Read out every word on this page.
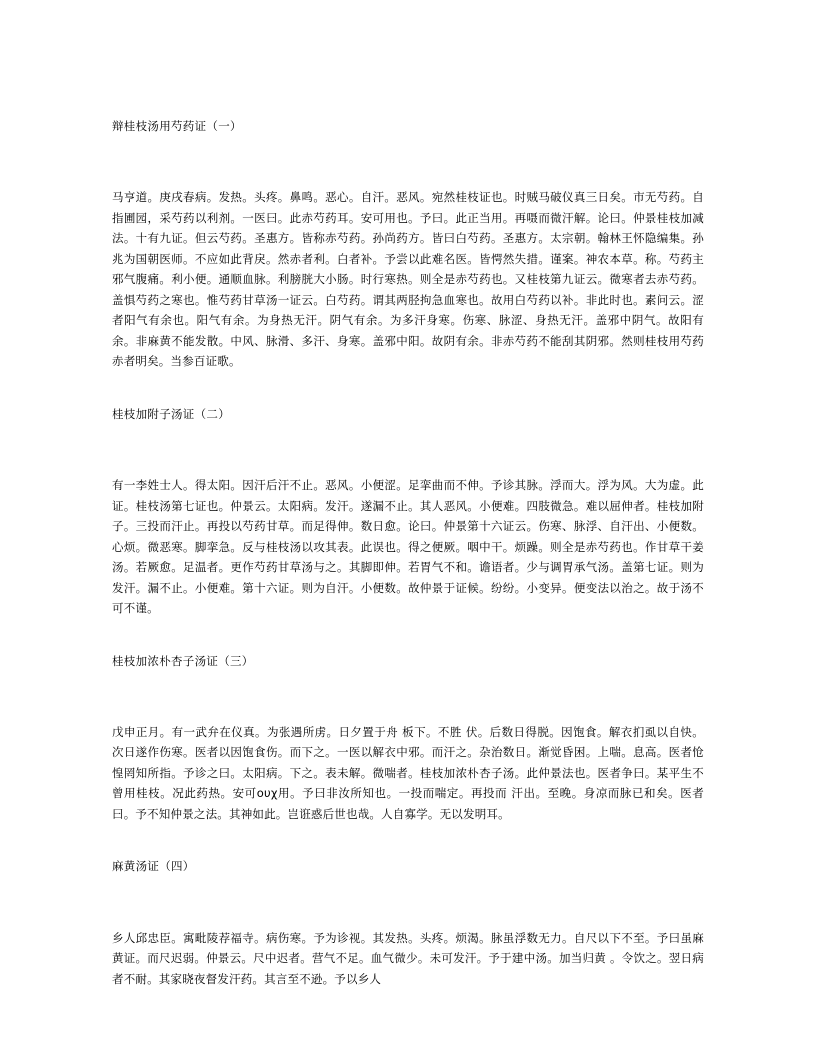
辩桂枝汤用芍药证（一）

马亨道。庚戌春病。发热。头疼。鼻鸣。恶心。自汗。恶风。宛然桂枝证也。时贼马破仪真三日矣。市无芍药。自指圃园，采芍药以利剂。一医曰。此赤芍药耳。安可用也。予曰。此正当用。再嗫而微汗解。论曰。仲景桂枝加减法。十有九证。但云芍药。圣惠方。皆称赤芍药。孙尚药方。皆曰白芍药。圣惠方。太宗朝。翰林王怀隐编集。孙兆为国朝医师。不应如此背戾。然赤者利。白者补。予尝以此难名医。皆愕然失措。谨案。神农本草。称。芍药主邪气腹痛。利小便。通顺血脉。利膀胱大小肠。时行寒热。则全是赤芍药也。又桂枝第九证云。微寒者去赤芍药。盖惧芍药之寒也。惟芍药甘草汤一证云。白芍药。谓其两胫拘急血寒也。故用白芍药以补。非此时也。素问云。涩者阳气有余也。阳气有余。为身热无汗。阴气有余。为多汗身寒。伤寒、脉涩、身热无汗。盖邪中阴气。故阳有余。非麻黄不能发散。中风、脉滑、多汗、身寒。盖邪中阳。故阴有余。非赤芍药不能刮其阴邪。然则桂枝用芍药赤者明矣。当参百证歌。

桂枝加附子汤证（二）

有一李姓士人。得太阳。因汗后汗不止。恶风。小便涩。足挛曲而不伸。予诊其脉。浮而大。浮为风。大为虚。此证。桂枝汤第七证也。仲景云。太阳病。发汗。遂漏不止。其人恶风。小便难。四肢微急。难以屈伸者。桂枝加附子。三投而汗止。再投以芍药甘草。而足得伸。数日愈。论曰。仲景第十六证云。伤寒、脉浮、自汗出、小便数。心烦。微恶寒。脚挛急。反与桂枝汤以攻其表。此误也。得之便厥。咽中干。烦躁。则全是赤芍药也。作甘草干姜汤。若厥愈。足温者。更作芍药甘草汤与之。其脚即伸。若胃气不和。谵语者。少与调胃承气汤。盖第七证。则为发汗。漏不止。小便难。第十六证。则为自汗。小便数。故仲景于证候。纷纷。小变异。便变法以治之。故于汤不可不谨。

桂枝加浓朴杏子汤证（三）

戊申正月。有一武弁在仪真。为张遇所虏。日夕置于舟 板下。不胜 伏。后数日得脱。因饱食。解衣扪虱以自快。次日遂作伤寒。医者以因饱食伤。而下之。一医以解衣中邪。而汗之。杂治数日。渐觉昏困。上喘。息高。医者怆惶罔知所指。予诊之曰。太阳病。下之。表未解。微喘者。桂枝加浓朴杏子汤。此仲景法也。医者争曰。某平生不曾用桂枝。况此药热。安可ουχ用。予曰非汝所知也。一投而喘定。再投而 汗出。至晚。身凉而脉已和矣。医者曰。予不知仲景之法。其神如此。岂诳惑后世也哉。人自寡学。无以发明耳。

麻黄汤证（四）

乡人邱忠臣。寓毗陵荐福寺。病伤寒。予为诊视。其发热。头疼。烦渴。脉虽浮数无力。自尺以下不至。予曰虽麻黄证。而尺迟弱。仲景云。尺中迟者。营气不足。血气微少。未可发汗。予于建中汤。加当归黄 。令饮之。翌日病者不耐。其家晓夜督发汗药。其言至不逊。予以乡人
